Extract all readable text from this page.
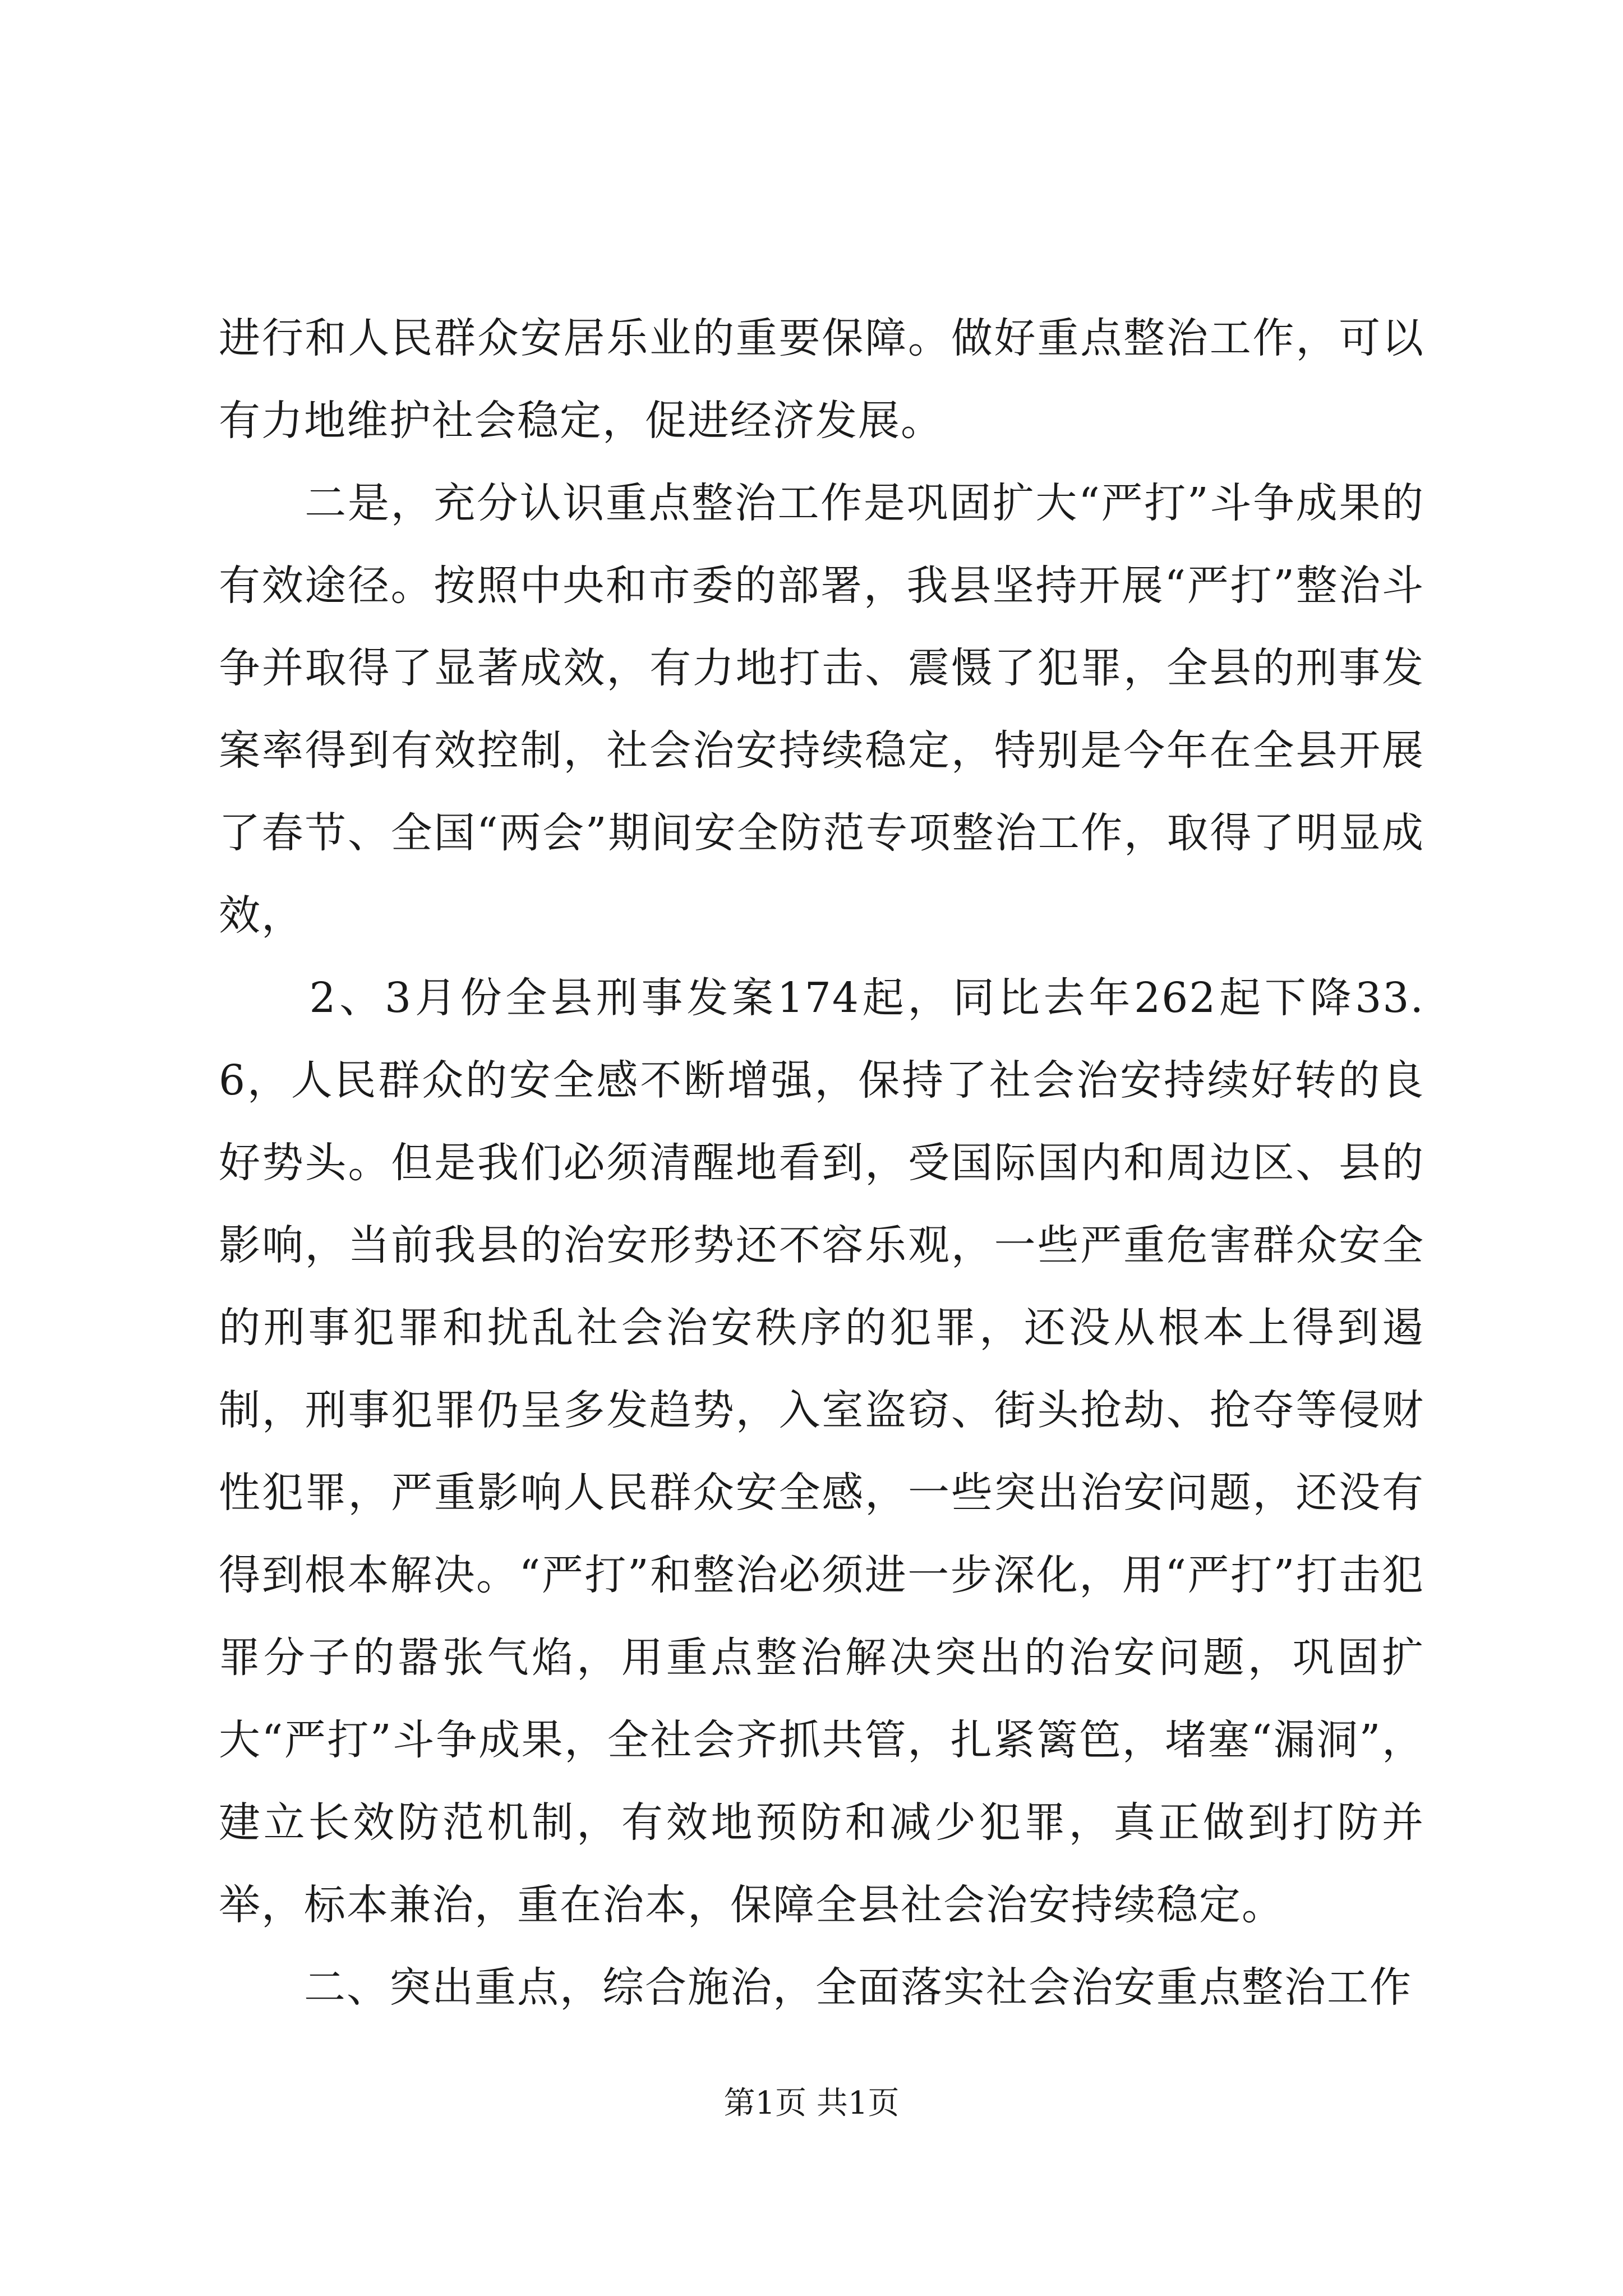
进行和人民群众安居乐业的重要保障。做好重点整治工作，可以有力地维护社会稳定，促进经济发展。

　　二是，充分认识重点整治工作是巩固扩大“严打”斗争成果的有效途径。按照中央和市委的部署，我县坚持开展“严打”整治斗争并取得了显著成效，有力地打击、震慑了犯罪，全县的刑事发案率得到有效控制，社会治安持续稳定，特别是今年在全县开展了春节、全国“两会”期间安全防范专项整治工作，取得了明显成效，

　　2、3月份全县刑事发案174起，同比去年262起下降33.6，人民群众的安全感不断增强，保持了社会治安持续好转的良好势头。但是我们必须清醒地看到，受国际国内和周边区、县的影响，当前我县的治安形势还不容乐观，一些严重危害群众安全的刑事犯罪和扰乱社会治安秩序的犯罪，还没从根本上得到遏制，刑事犯罪仍呈多发趋势，入室盗窃、街头抢劫、抢夺等侵财性犯罪，严重影响人民群众安全感，一些突出治安问题，还没有得到根本解决。“严打”和整治必须进一步深化，用“严打”打击犯罪分子的嚣张气焰，用重点整治解决突出的治安问题，巩固扩大“严打”斗争成果，全社会齐抓共管，扎紧篱笆，堵塞“漏洞”，建立长效防范机制，有效地预防和减少犯罪，真正做到打防并举，标本兼治，重在治本，保障全县社会治安持续稳定。

　　二、突出重点，综合施治，全面落实社会治安重点整治工作

第1页 共1页
